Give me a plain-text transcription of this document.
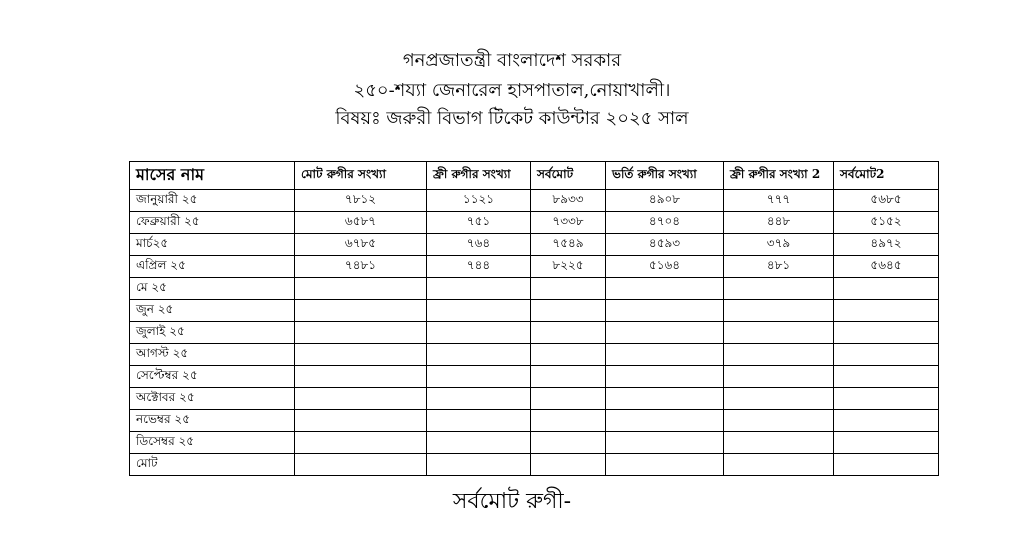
গনপ্রজাতন্ত্রী বাংলাদেশ সরকার
২৫০-শয্যা জেনারেল হাসপাতাল,নোয়াখালী।
বিষয়ঃ জরুরী বিভাগ টিকেট কাউন্টার ২০২৫ সাল
মাসের নাম	মোট রুগীর সংখ্যা	ফ্রী রুগীর সংখ্যা	সর্বমোট	ভর্তি রুগীর সংখ্যা	ফ্রী রুগীর সংখ্যা 2	সর্বমোট2
জানুয়ারী ২৫	৭৮১২	১১২১	৮৯৩৩	৪৯০৮	৭৭৭	৫৬৮৫
ফেব্রুয়ারী ২৫	৬৫৮৭	৭৫১	৭৩৩৮	৪৭০৪	৪৪৮	৫১৫২
মার্চ২৫	৬৭৮৫	৭৬৪	৭৫৪৯	৪৫৯৩	৩৭৯	৪৯৭২
এপ্রিল ২৫	৭৪৮১	৭৪৪	৮২২৫	৫১৬৪	৪৮১	৫৬৪৫
মে ২৫						
জুন ২৫						
জুলাই ২৫						
আগস্ট ২৫						
সেপ্টেম্বর ২৫						
অক্টোবর ২৫						
নভেম্বর ২৫						
ডিসেম্বর ২৫						
মোট						
সর্বমোট রুগী-
